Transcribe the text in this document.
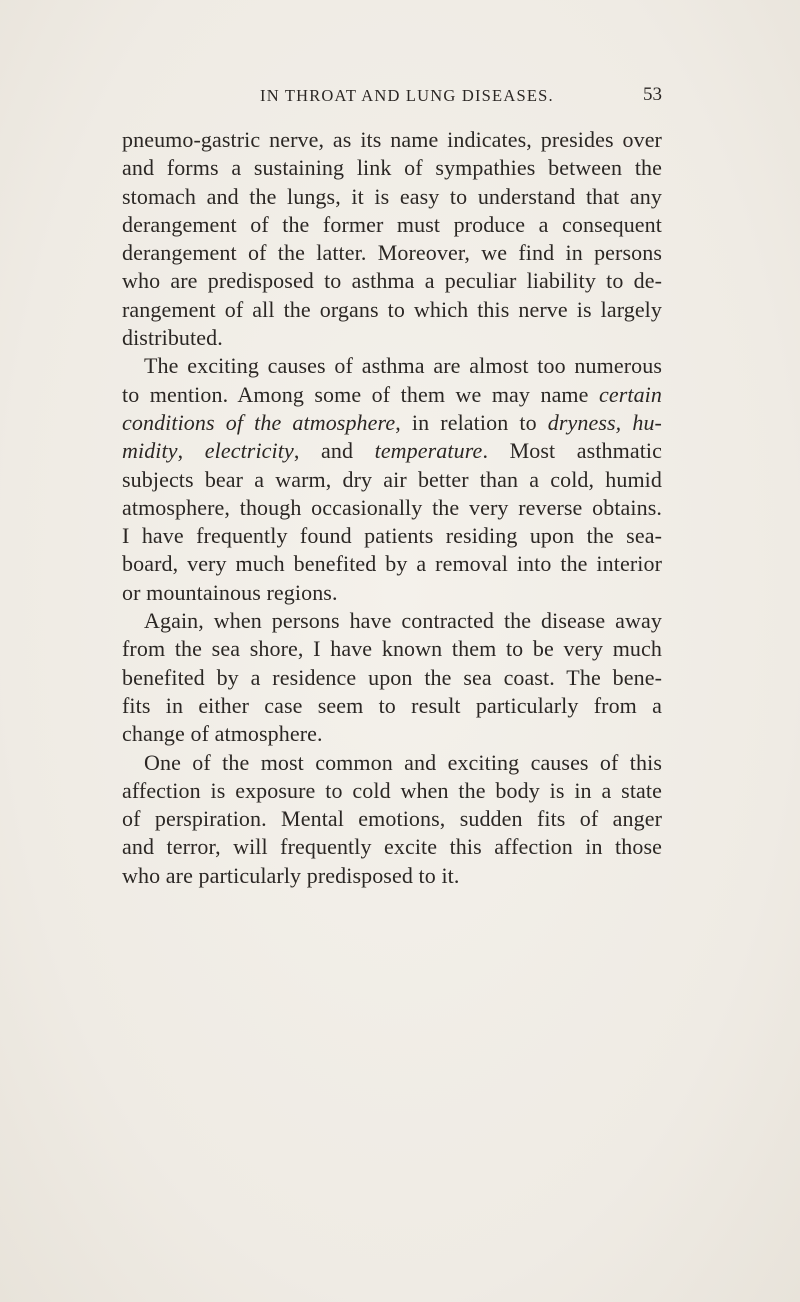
IN THROAT AND LUNG DISEASES.	53
pneumo-gastric nerve, as its name indicates, presides over
and forms a sustaining link of sympathies between the
stomach and the lungs, it is easy to understand that any
derangement of the former must produce a consequent
derangement of the latter. Moreover, we find in persons
who are predisposed to asthma a peculiar liability to de-
rangement of all the organs to which this nerve is largely
distributed.
The exciting causes of asthma are almost too numerous
to mention. Among some of them we may name certain
conditions of the atmosphere, in relation to dryness, hu-
midity, electricity, and temperature. Most asthmatic
subjects bear a warm, dry air better than a cold, humid
atmosphere, though occasionally the very reverse obtains.
I have frequently found patients residing upon the sea-
board, very much benefited by a removal into the interior
or mountainous regions.
Again, when persons have contracted the disease away
from the sea shore, I have known them to be very much
benefited by a residence upon the sea coast. The bene-
fits in either case seem to result particularly from a
change of atmosphere.
One of the most common and exciting causes of this
affection is exposure to cold when the body is in a state
of perspiration. Mental emotions, sudden fits of anger
and terror, will frequently excite this affection in those
who are particularly predisposed to it.
